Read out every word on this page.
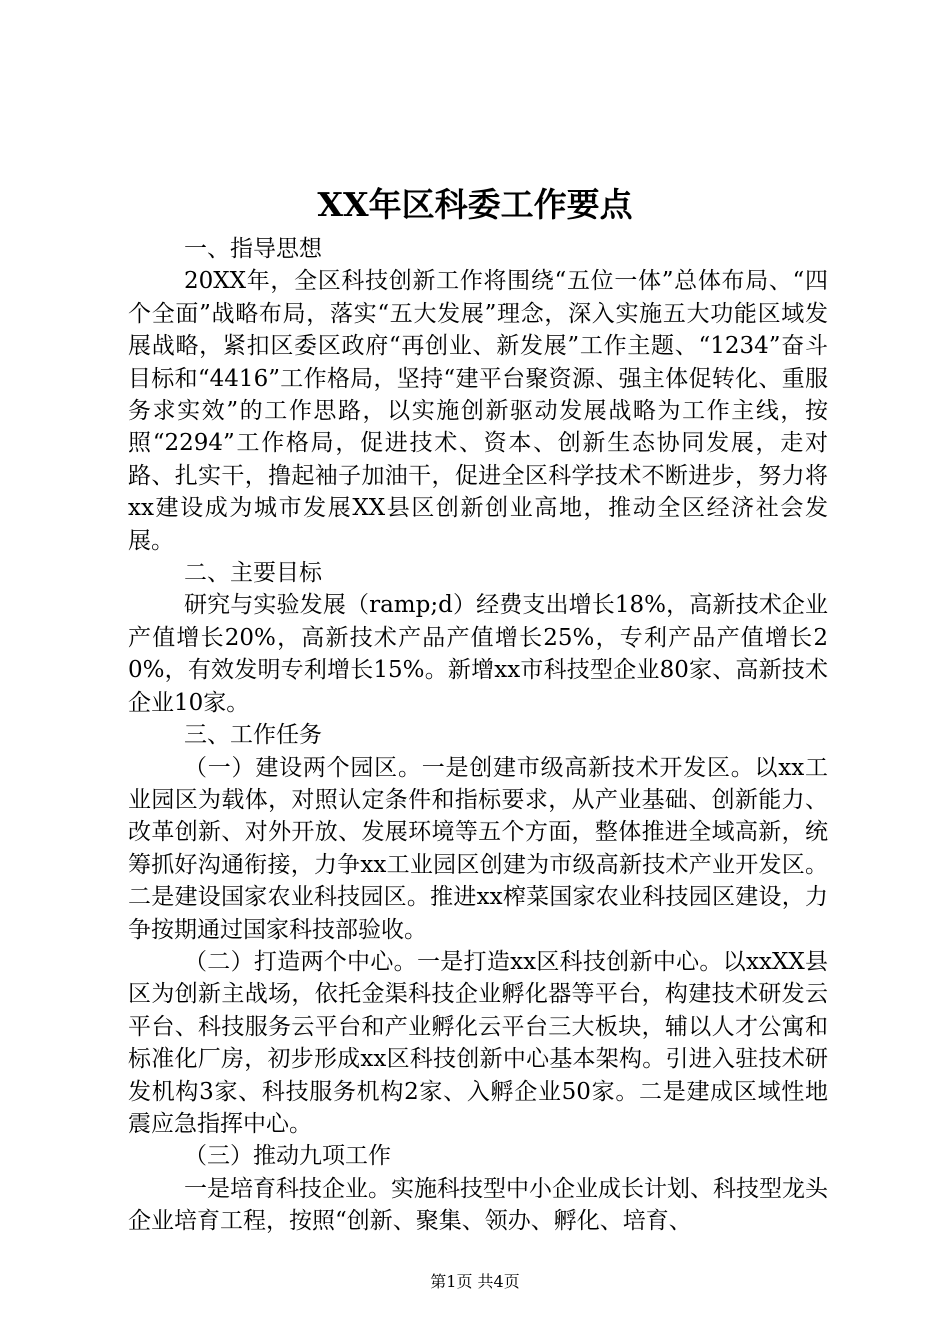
XX年区科委工作要点

一、指导思想

20XX年，全区科技创新工作将围绕“五位一体”总体布局、“四个全面”战略布局，落实“五大发展”理念，深入实施五大功能区域发展战略，紧扣区委区政府“再创业、新发展”工作主题、“1234”奋斗目标和“4416”工作格局，坚持“建平台聚资源、强主体促转化、重服务求实效”的工作思路，以实施创新驱动发展战略为工作主线，按照“2294”工作格局，促进技术、资本、创新生态协同发展，走对路、扎实干，撸起袖子加油干，促进全区科学技术不断进步，努力将xx建设成为城市发展XX县区创新创业高地，推动全区经济社会发展。

二、主要目标

研究与实验发展（ramp;d）经费支出增长18%，高新技术企业产值增长20%，高新技术产品产值增长25%，专利产品产值增长20%，有效发明专利增长15%。新增xx市科技型企业80家、高新技术企业10家。

三、工作任务

（一）建设两个园区。一是创建市级高新技术开发区。以xx工业园区为载体，对照认定条件和指标要求，从产业基础、创新能力、改革创新、对外开放、发展环境等五个方面，整体推进全域高新，统筹抓好沟通衔接，力争xx工业园区创建为市级高新技术产业开发区。二是建设国家农业科技园区。推进xx榨菜国家农业科技园区建设，力争按期通过国家科技部验收。

（二）打造两个中心。一是打造xx区科技创新中心。以xxXX县区为创新主战场，依托金渠科技企业孵化器等平台，构建技术研发云平台、科技服务云平台和产业孵化云平台三大板块，辅以人才公寓和标准化厂房，初步形成xx区科技创新中心基本架构。引进入驻技术研发机构3家、科技服务机构2家、入孵企业50家。二是建成区域性地震应急指挥中心。

（三）推动九项工作

一是培育科技企业。实施科技型中小企业成长计划、科技型龙头企业培育工程，按照“创新、聚集、领办、孵化、培育、

第1页 共4页
